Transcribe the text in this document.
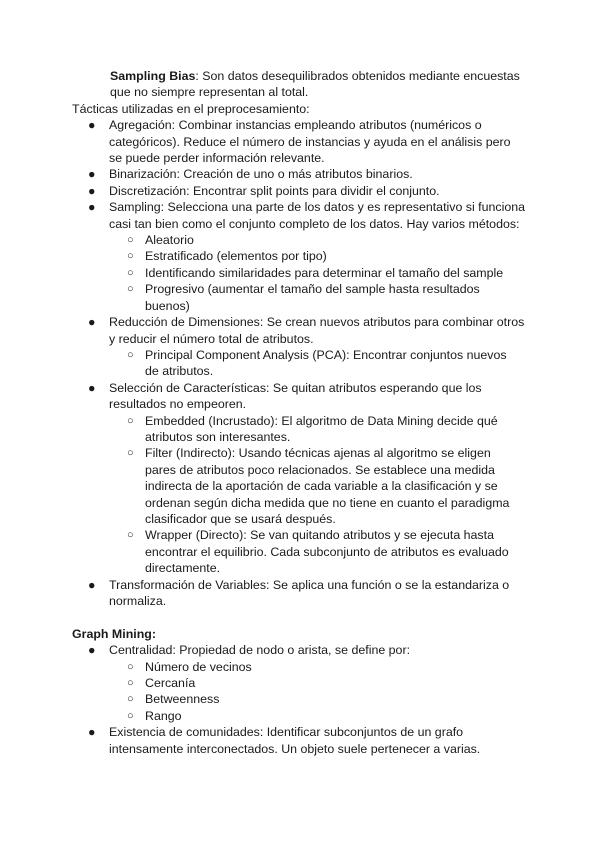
Sampling Bias: Son datos desequilibrados obtenidos mediante encuestas que no siempre representan al total.
Tácticas utilizadas en el preprocesamiento:
● Agregación: Combinar instancias empleando atributos (numéricos o categóricos). Reduce el número de instancias y ayuda en el análisis pero se puede perder información relevante.
● Binarización: Creación de uno o más atributos binarios.
● Discretización: Encontrar split points para dividir el conjunto.
● Sampling: Selecciona una parte de los datos y es representativo si funciona casi tan bien como el conjunto completo de los datos. Hay varios métodos:
○ Aleatorio
○ Estratificado (elementos por tipo)
○ Identificando similaridades para determinar el tamaño del sample
○ Progresivo (aumentar el tamaño del sample hasta resultados buenos)
● Reducción de Dimensiones: Se crean nuevos atributos para combinar otros y reducir el número total de atributos.
○ Principal Component Analysis (PCA): Encontrar conjuntos nuevos de atributos.
● Selección de Características: Se quitan atributos esperando que los resultados no empeoren.
○ Embedded (Incrustado): El algoritmo de Data Mining decide qué atributos son interesantes.
○ Filter (Indirecto): Usando técnicas ajenas al algoritmo se eligen pares de atributos poco relacionados. Se establece una medida indirecta de la aportación de cada variable a la clasificación y se ordenan según dicha medida que no tiene en cuanto el paradigma clasificador que se usará después.
○ Wrapper (Directo): Se van quitando atributos y se ejecuta hasta encontrar el equilibrio. Cada subconjunto de atributos es evaluado directamente.
● Transformación de Variables: Se aplica una función o se la estandariza o normaliza.
Graph Mining:
● Centralidad: Propiedad de nodo o arista, se define por:
○ Número de vecinos
○ Cercanía
○ Betweenness
○ Rango
● Existencia de comunidades: Identificar subconjuntos de un grafo intensamente interconectados. Un objeto suele pertenecer a varias.
